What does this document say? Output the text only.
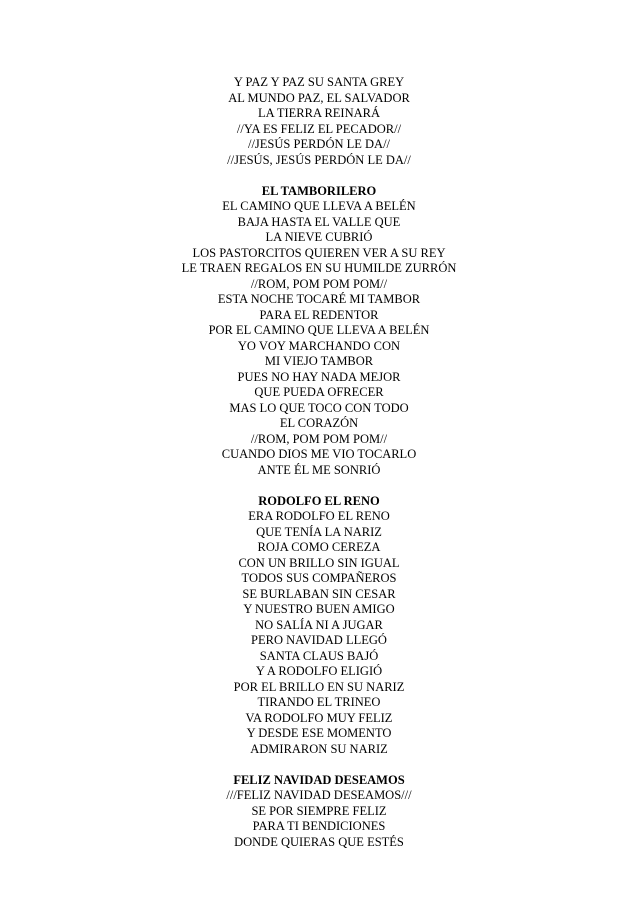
Y PAZ Y PAZ SU SANTA GREY
AL MUNDO PAZ, EL SALVADOR
LA TIERRA REINARÁ
//YA ES FELIZ EL PECADOR//
//JESÚS PERDÓN LE DA//
//JESÚS, JESÚS PERDÓN LE DA//
EL TAMBORILERO
EL CAMINO QUE LLEVA A BELÉN
BAJA HASTA EL VALLE QUE
LA NIEVE CUBRIÓ
LOS PASTORCITOS QUIEREN VER A SU REY
LE TRAEN REGALOS EN SU HUMILDE ZURRÓN
//ROM, POM POM POM//
ESTA NOCHE TOCARÉ MI TAMBOR
PARA EL REDENTOR
POR EL CAMINO QUE LLEVA A BELÉN
YO VOY MARCHANDO CON
MI VIEJO TAMBOR
PUES NO HAY NADA MEJOR
QUE PUEDA OFRECER
MAS LO QUE TOCO CON TODO
EL CORAZÓN
//ROM, POM POM POM//
CUANDO DIOS ME VIO TOCARLO
ANTE ÉL ME SONRIÓ
RODOLFO EL RENO
ERA RODOLFO EL RENO
QUE TENÍA LA NARIZ
ROJA COMO CEREZA
CON UN BRILLO SIN IGUAL
TODOS SUS COMPAÑEROS
SE BURLABAN SIN CESAR
Y NUESTRO BUEN AMIGO
NO SALÍA NI A JUGAR
PERO NAVIDAD LLEGÓ
SANTA CLAUS BAJÓ
Y A RODOLFO ELIGIÓ
POR EL BRILLO EN SU NARIZ
TIRANDO EL TRINEO
VA RODOLFO MUY FELIZ
Y DESDE ESE MOMENTO
ADMIRARON SU NARIZ
FELIZ NAVIDAD DESEAMOS
///FELIZ NAVIDAD DESEAMOS///
SE POR SIEMPRE FELIZ
PARA TI BENDICIONES
DONDE QUIERAS QUE ESTÉS
